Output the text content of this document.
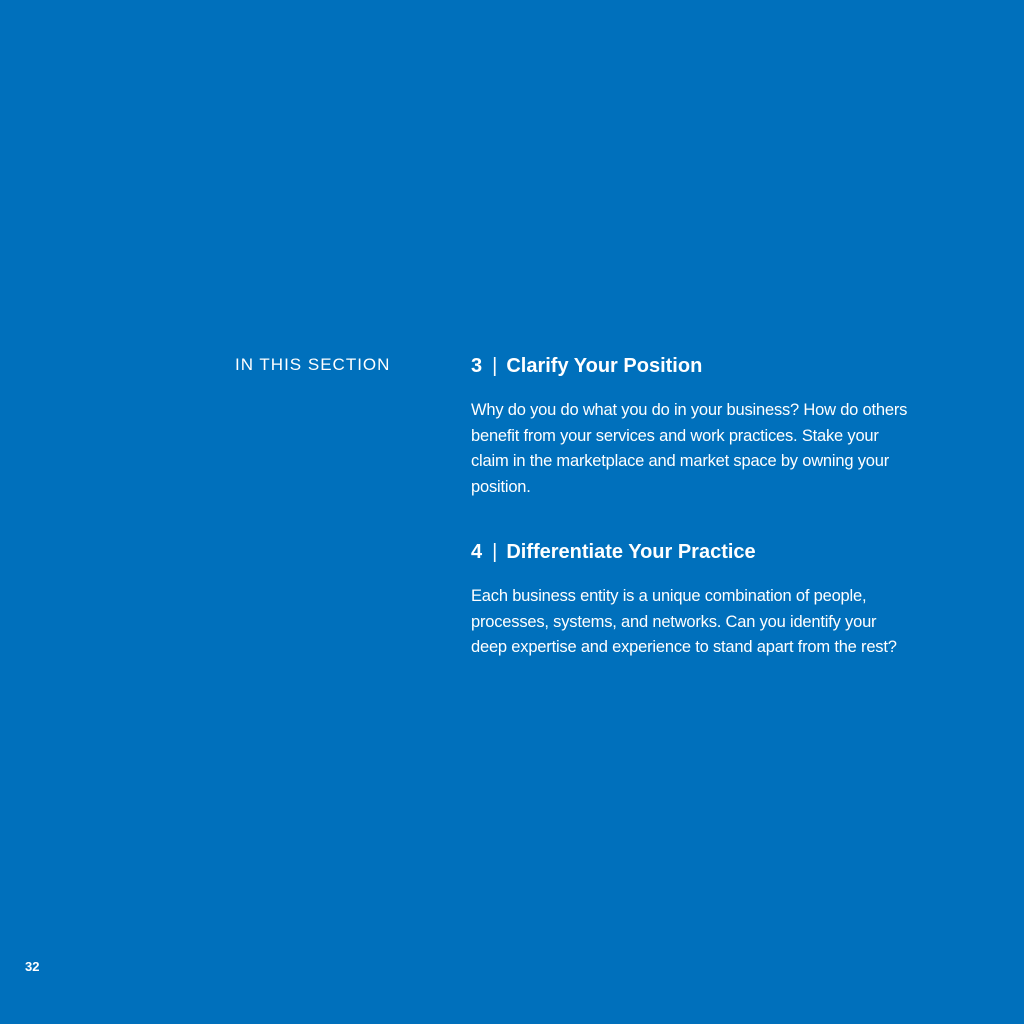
IN THIS SECTION	3 | Clarify Your Position

Why do you do what you do in your business? How do others benefit from your services and work practices. Stake your claim in the marketplace and market space by owning your position.

4 | Differentiate Your Practice

Each business entity is a unique combination of people, processes, systems, and networks. Can you identify your deep expertise and experience to stand apart from the rest?

32
